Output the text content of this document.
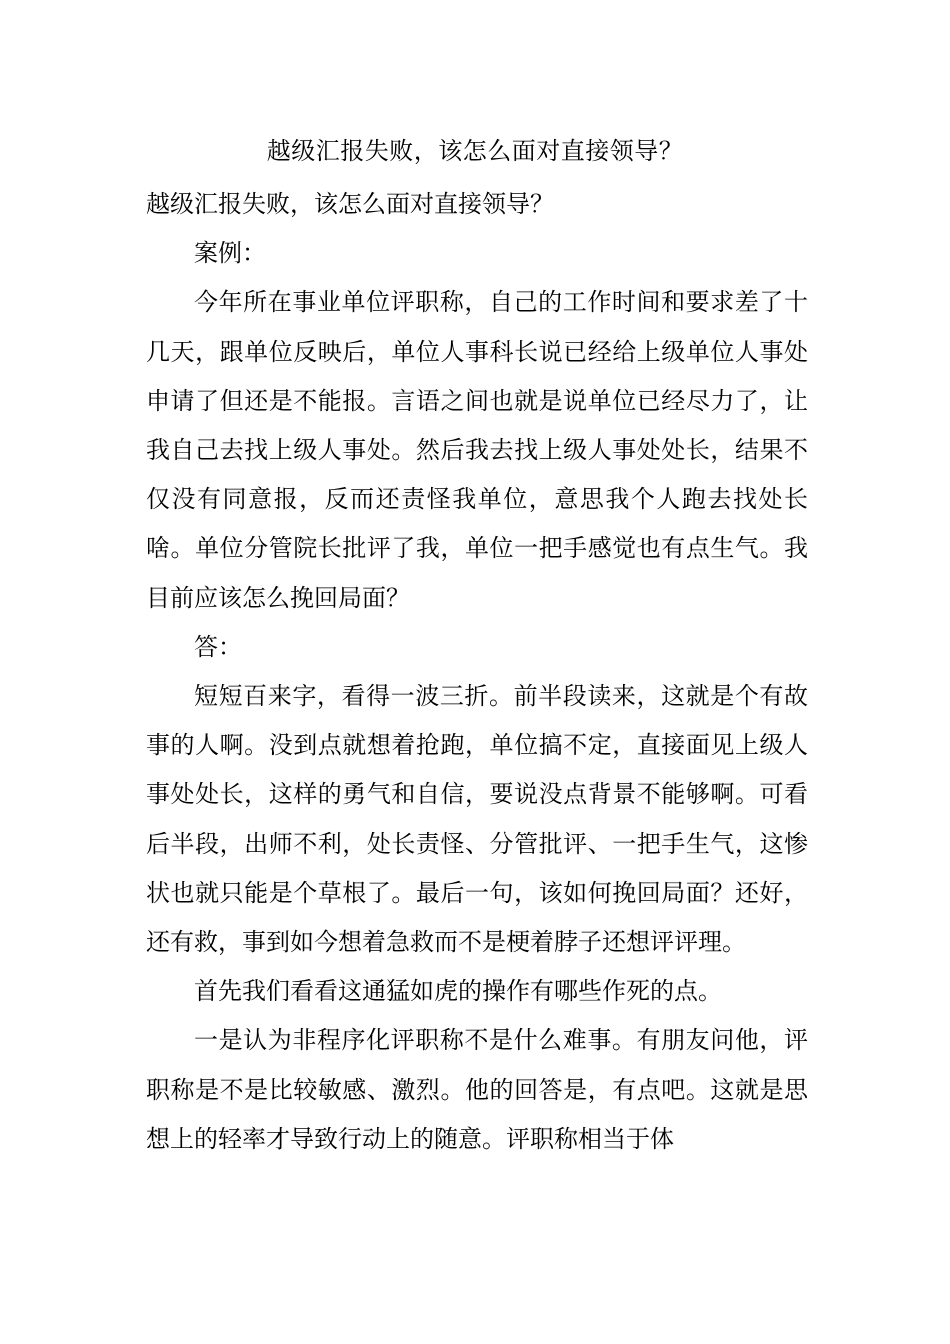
越级汇报失败，该怎么面对直接领导？

越级汇报失败，该怎么面对直接领导？

案例：

今年所在事业单位评职称，自己的工作时间和要求差了十几天，跟单位反映后，单位人事科长说已经给上级单位人事处申请了但还是不能报。言语之间也就是说单位已经尽力了，让我自己去找上级人事处。然后我去找上级人事处处长，结果不仅没有同意报，反而还责怪我单位，意思我个人跑去找处长啥。单位分管院长批评了我，单位一把手感觉也有点生气。我目前应该怎么挽回局面？

答：

短短百来字，看得一波三折。前半段读来，这就是个有故事的人啊。没到点就想着抢跑，单位搞不定，直接面见上级人事处处长，这样的勇气和自信，要说没点背景不能够啊。可看后半段，出师不利，处长责怪、分管批评、一把手生气，这惨状也就只能是个草根了。最后一句，该如何挽回局面？还好，还有救，事到如今想着急救而不是梗着脖子还想评评理。

首先我们看看这通猛如虎的操作有哪些作死的点。

一是认为非程序化评职称不是什么难事。有朋友问他，评职称是不是比较敏感、激烈。他的回答是，有点吧。这就是思想上的轻率才导致行动上的随意。评职称相当于体
